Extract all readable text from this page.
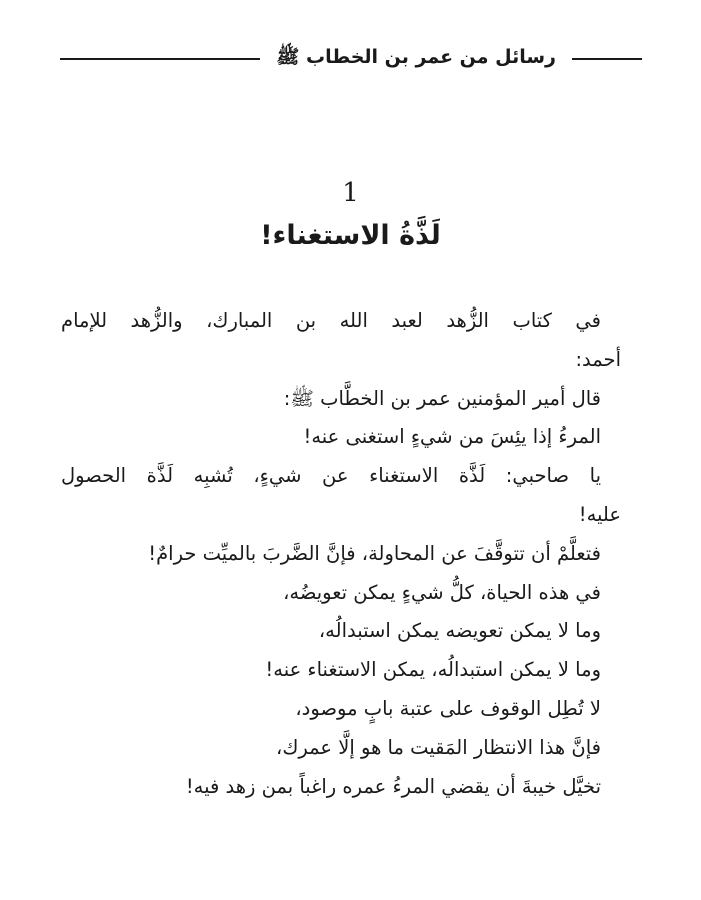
رسائل من عمر بن الخطاب ﷺ
1
لَذَّةُ الاستغناء!
في كتاب الزُّهد لعبد الله بن المبارك، والزُّهد للإمام
أحمد:
قال أمير المؤمنين عمر بن الخطَّاب ﷺ:
المرءُ إذا يئِسَ من شيءٍ استغنى عنه!
يا صاحبي: لَذَّة الاستغناء عن شيءٍ، تُشبِه لَذَّة الحصول
عليه!
فتعلَّمْ أن تتوقَّفَ عن المحاولة، فإنَّ الضَّربَ بالميِّت حرامٌ!
في هذه الحياة، كلُّ شيءٍ يمكن تعويضُه،
وما لا يمكن تعويضه يمكن استبدالُه،
وما لا يمكن استبدالُه، يمكن الاستغناء عنه!
لا تُطِل الوقوف على عتبة بابٍ موصود،
فإنَّ هذا الانتظار المَقيت ما هو إلَّا عمرك،
تخيَّل خيبةَ أن يقضي المرءُ عمره راغباً بمن زهد فيه!
